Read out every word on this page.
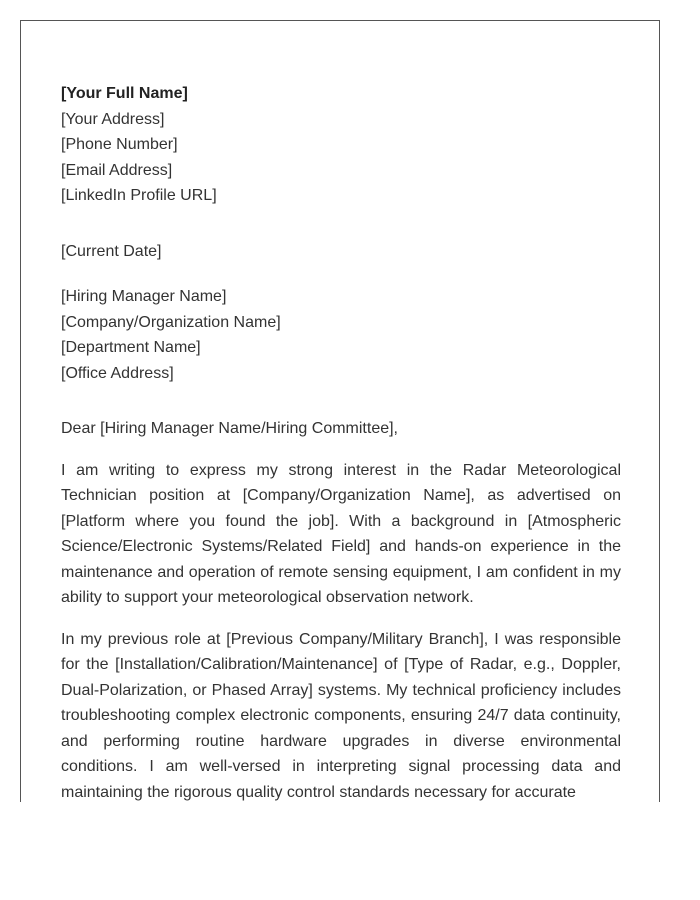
[Your Full Name]
[Your Address]
[Phone Number]
[Email Address]
[LinkedIn Profile URL]
[Current Date]
[Hiring Manager Name]
[Company/Organization Name]
[Department Name]
[Office Address]
Dear [Hiring Manager Name/Hiring Committee],

I am writing to express my strong interest in the Radar Meteorological Technician position at [Company/Organization Name], as advertised on [Platform where you found the job]. With a background in [Atmospheric Science/Electronic Systems/Related Field] and hands-on experience in the maintenance and operation of remote sensing equipment, I am confident in my ability to support your meteorological observation network.

In my previous role at [Previous Company/Military Branch], I was responsible for the [Installation/Calibration/Maintenance] of [Type of Radar, e.g., Doppler, Dual-Polarization, or Phased Array] systems. My technical proficiency includes troubleshooting complex electronic components, ensuring 24/7 data continuity, and performing routine hardware upgrades in diverse environmental conditions. I am well-versed in interpreting signal processing data and maintaining the rigorous quality control standards necessary for accurate
